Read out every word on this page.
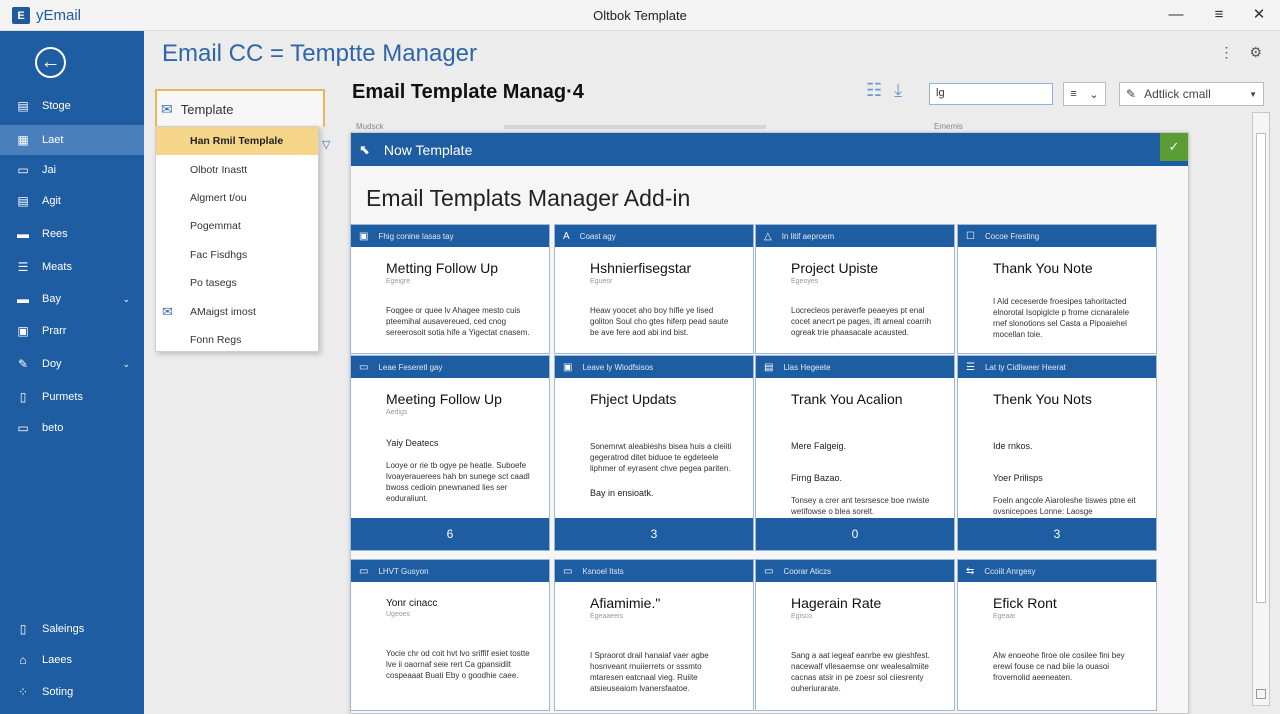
E yEmail	Oltbok Template	—	≡	✕
←
▤	Stoge
▦	Laet
▭	Jai
▤	Agit
▬ Rees
☰	Meats
▬ Bay	⌄
▣	Prarr
✎	Doy	⌄
▯	Purmets
▭	beto
▯	Saleings
⌂	Laees
⁘	Soting
Email CC = Temptte Manager	⋮ ⚙
Email Template Manag·4	☷ ⤓	lg	≡ ⌄ ✎ Adtlick cmall	▼
Mudsck	Ememis
⬉ Now Template	✓
Email Templats Manager Add-in
▣ Fhig conine lasas tay
Metting Follow Up
Egeigre
Foqgee or quee lv Ahagee mesto cuis pteemihal ausavereued, ced cnog sereerosoit sotia hife a Yigectat cnasem.
A Coast agy
Hshnierfisegstar
Egueor
Heaw yoocet aho boy hifle ye lised goliton Soul cho gtes hiferp pead saute be ave fere aod abi ind bist.
△ In litif aeproem
Project Upiste
Egeoyes
Locrecleos peraverfe peaeyes pt enal cocet anecrt pe pages, ift ameal coarrih ogreak trie phaasacale acausted.
☐ Cocoe Fresting
Thank You Note
I Ald ceceserde froesipes tahoritacted elnorotal Isopiglcle p frome cicnaralele rnef slonotions sel Casta a Pipoaiehel mocellan toie.
▭ Leae Feseretl gay
Meeting Follow Up
Aedigs
Yaiy Deatecs
Looye or rie tb ogye pe heatle. Suboefe lvoayerauerees hah bn sunege sct caadl bwoss cedioin pnewnaned lies ser eoduraliunt.
6
▣ Leave ly Wiodfsisos
Fhject Updats
Sonemrwt aleabieshs bisea huis a cleiiti gegeratrod ditet biduoe te egdeteele liphmer of eyrasent chve pegea pariten.
Bay in ensioatk.
3
▤ Llas Hegeete
Trank You Acalion
Mere Falgeig.
Firng Bazao.
Tonsey a crer ant tesrsesce boe nwiste wetifowse o blea sorelt.
0
☰ Lat ty Cidliweer Heerat
Thenk You Nots
Ide rnkos.
Yoer Prilisps
Foeln angcole Aiaroleshe tiswes ptne eit ovsnicepoes Lonne: Laosge
3
▭ LHVT Gusyon
Yonr cinacc
Ugeoes
Yocie chr od coit hvt lvo sriffif esiet tostte lve ii oaornaf seie rert Ca gpansidilt cospeaaat Buati Eby o goodhie caee.
▭ Ksnoel Itsts
Afiamimie."
Egeaaeeis
I Spraorot drail hanaiaf vaer agbe hosnveant rnuiierrets or sssmto mtaresen eatcnaal vieg. Ruiite atsieuseaiom lvanersfaatoe.
▭ Coorar Aticzs
Hagerain Rate
Egisco
Sang a aat iegeaf eanrbe ew gieshfest. nacewalf vllesaemse onr wealesalmiite cacnas atsir in pe zoesr sol ciiesrenty ouheriurarate.
⇆ Ccoiit Anrgesy
Efick Ront
Egeaar
Alw enoeohe firoe ole cosilee fini bey erewi fouse ce nad biie la ouasoi frovemolid aeeneaten.
✉ Template
▽
Han Rmil Templale
Olbotr Inastt
Algmert t/ou
Pogemmat
Fac Fisdhgs
Po tasegs
✉ AMaigst imost
Fonn Regs
